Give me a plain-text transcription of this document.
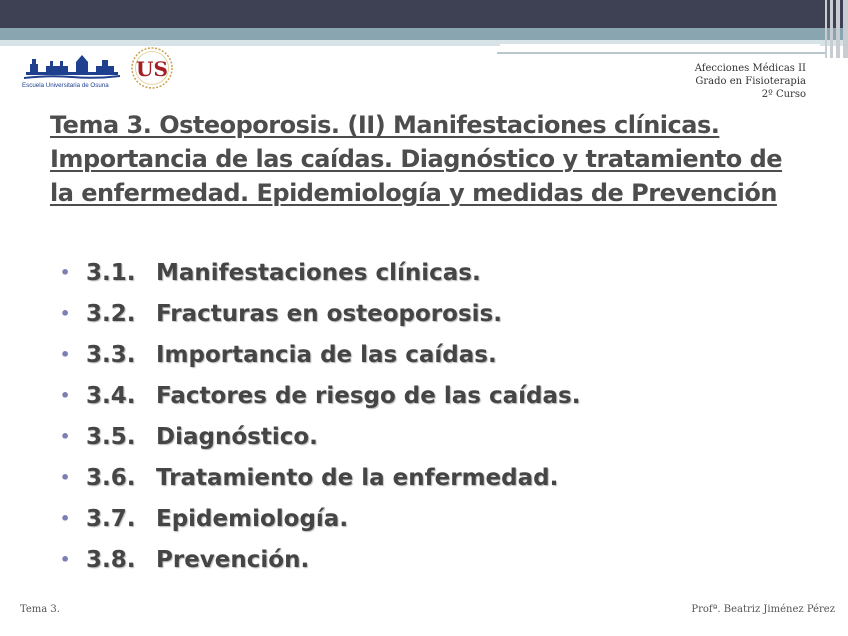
Escuela Universitaria de Osuna
US	Afecciones Médicas II
Grado en Fisioterapia
2º Curso
Tema 3. Osteoporosis. (II) Manifestaciones clínicas.
Importancia de las caídas. Diagnóstico y tratamiento de
la enfermedad. Epidemiología y medidas de Prevención
• 3.1. Manifestaciones clínicas.
• 3.2. Fracturas en osteoporosis.
• 3.3. Importancia de las caídas.
• 3.4. Factores de riesgo de las caídas.
• 3.5. Diagnóstico.
• 3.6. Tratamiento de la enfermedad.
• 3.7. Epidemiología.
• 3.8. Prevención.
Tema 3.	Profª. Beatriz Jiménez Pérez
